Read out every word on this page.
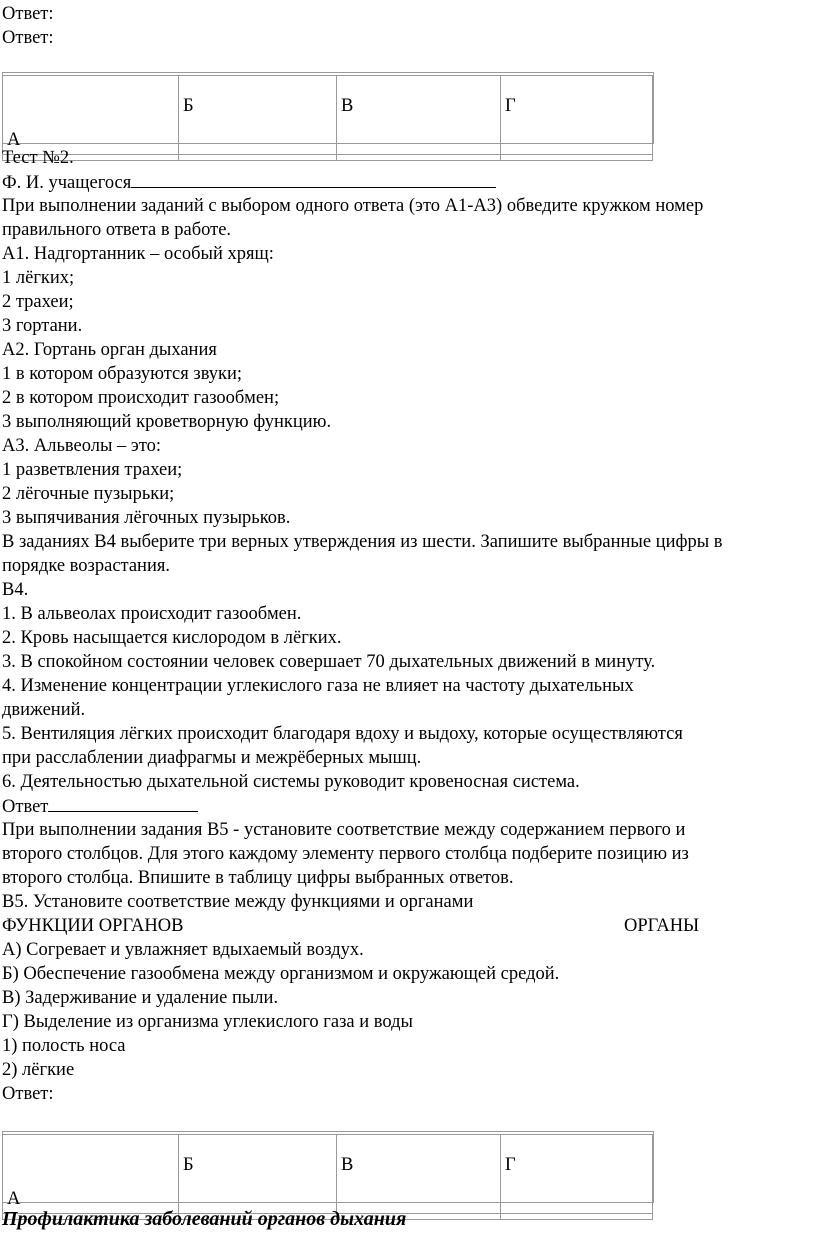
Ответ:
Ответ:
А	Б	В	Г

Тест №2.
Ф. И. учащегося
При выполнении заданий с выбором одного ответа (это А1-А3) обведите кружком номер
правильного ответа в работе.
А1. Надгортанник – особый хрящ:
1 лёгких;
2 трахеи;
3 гортани.
А2. Гортань орган дыхания
1 в котором образуются звуки;
2 в котором происходит газообмен;
3 выполняющий кроветворную функцию.
А3. Альвеолы – это:
1 разветвления трахеи;
2 лёгочные пузырьки;
3 выпячивания лёгочных пузырьков.
В заданиях В4 выберите три верных утверждения из шести. Запишите выбранные цифры в
порядке возрастания.
В4.
1. В альвеолах происходит газообмен.
2. Кровь насыщается кислородом в лёгких.
3. В спокойном состоянии человек совершает 70 дыхательных движений в минуту.
4. Изменение концентрации углекислого газа не влияет на частоту дыхательных
движений.
5. Вентиляция лёгких происходит благодаря вдоху и выдоху, которые осуществляются
при расслаблении диафрагмы и межрёберных мышц.
6. Деятельностью дыхательной системы руководит кровеносная система.
Ответ
При выполнении задания В5 - установите соответствие между содержанием первого и
второго столбцов. Для этого каждому элементу первого столбца подберите позицию из
второго столбца. Впишите в таблицу цифры выбранных ответов.
В5. Установите соответствие между функциями и органами
ФУНКЦИИ ОРГАНОВ	ОРГАНЫ
А) Согревает и увлажняет вдыхаемый воздух.
Б) Обеспечение газообмена между организмом и окружающей средой.
В) Задерживание и удаление пыли.
Г) Выделение из организма углекислого газа и воды
1) полость носа
2) лёгкие
Ответ:
А	Б	В	Г

Профилактика заболеваний органов дыхания
